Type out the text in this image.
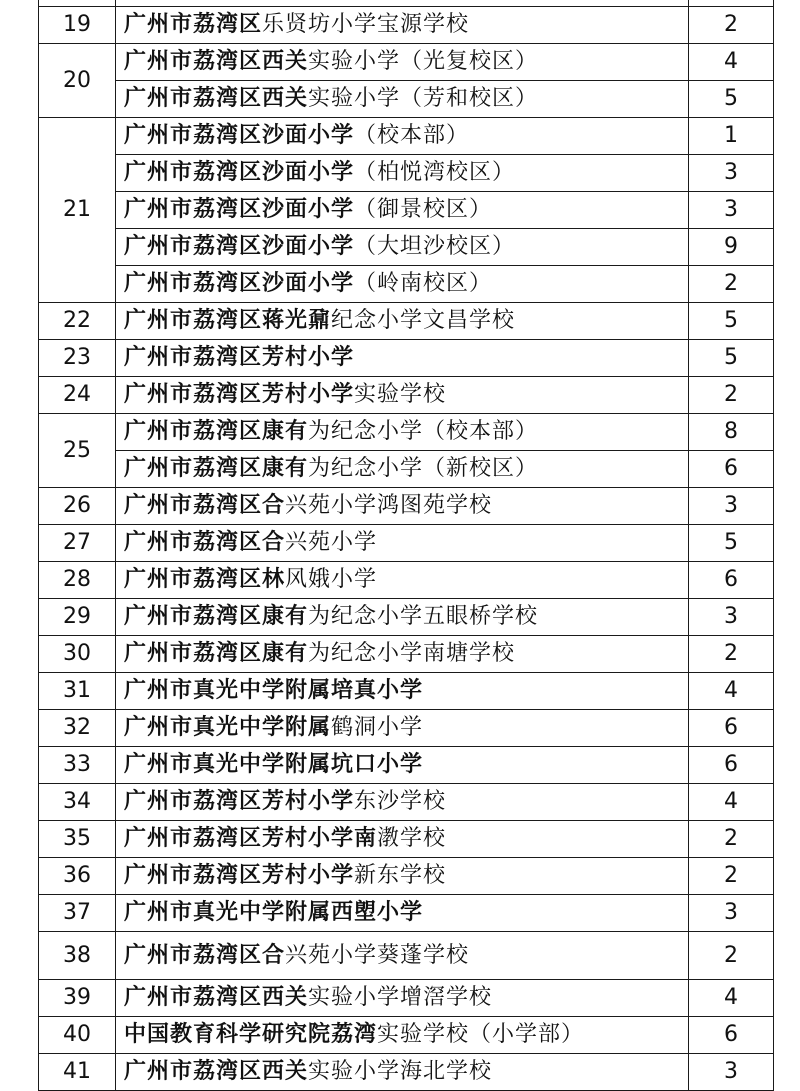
19	广州市荔湾区乐贤坊小学宝源学校	2
20	广州市荔湾区西关实验小学（光复校区）	4
	广州市荔湾区西关实验小学（芳和校区）	5
21	广州市荔湾区沙面小学（校本部）	1
	广州市荔湾区沙面小学（柏悦湾校区）	3
	广州市荔湾区沙面小学（御景校区）	3
	广州市荔湾区沙面小学（大坦沙校区）	9
	广州市荔湾区沙面小学（岭南校区）	2
22	广州市荔湾区蒋光鼐纪念小学文昌学校	5
23	广州市荔湾区芳村小学	5
24	广州市荔湾区芳村小学实验学校	2
25	广州市荔湾区康有为纪念小学（校本部）	8
	广州市荔湾区康有为纪念小学（新校区）	6
26	广州市荔湾区合兴苑小学鸿图苑学校	3
27	广州市荔湾区合兴苑小学	5
28	广州市荔湾区林风娥小学	6
29	广州市荔湾区康有为纪念小学五眼桥学校	3
30	广州市荔湾区康有为纪念小学南塘学校	2
31	广州市真光中学附属培真小学	4
32	广州市真光中学附属鹤洞小学	6
33	广州市真光中学附属坑口小学	6
34	广州市荔湾区芳村小学东沙学校	4
35	广州市荔湾区芳村小学南漖学校	2
36	广州市荔湾区芳村小学新东学校	2
37	广州市真光中学附属西塱小学	3
38	广州市荔湾区合兴苑小学葵蓬学校	2
39	广州市荔湾区西关实验小学增滘学校	4
40	中国教育科学研究院荔湾实验学校（小学部）	6
41	广州市荔湾区西关实验小学海北学校	3
